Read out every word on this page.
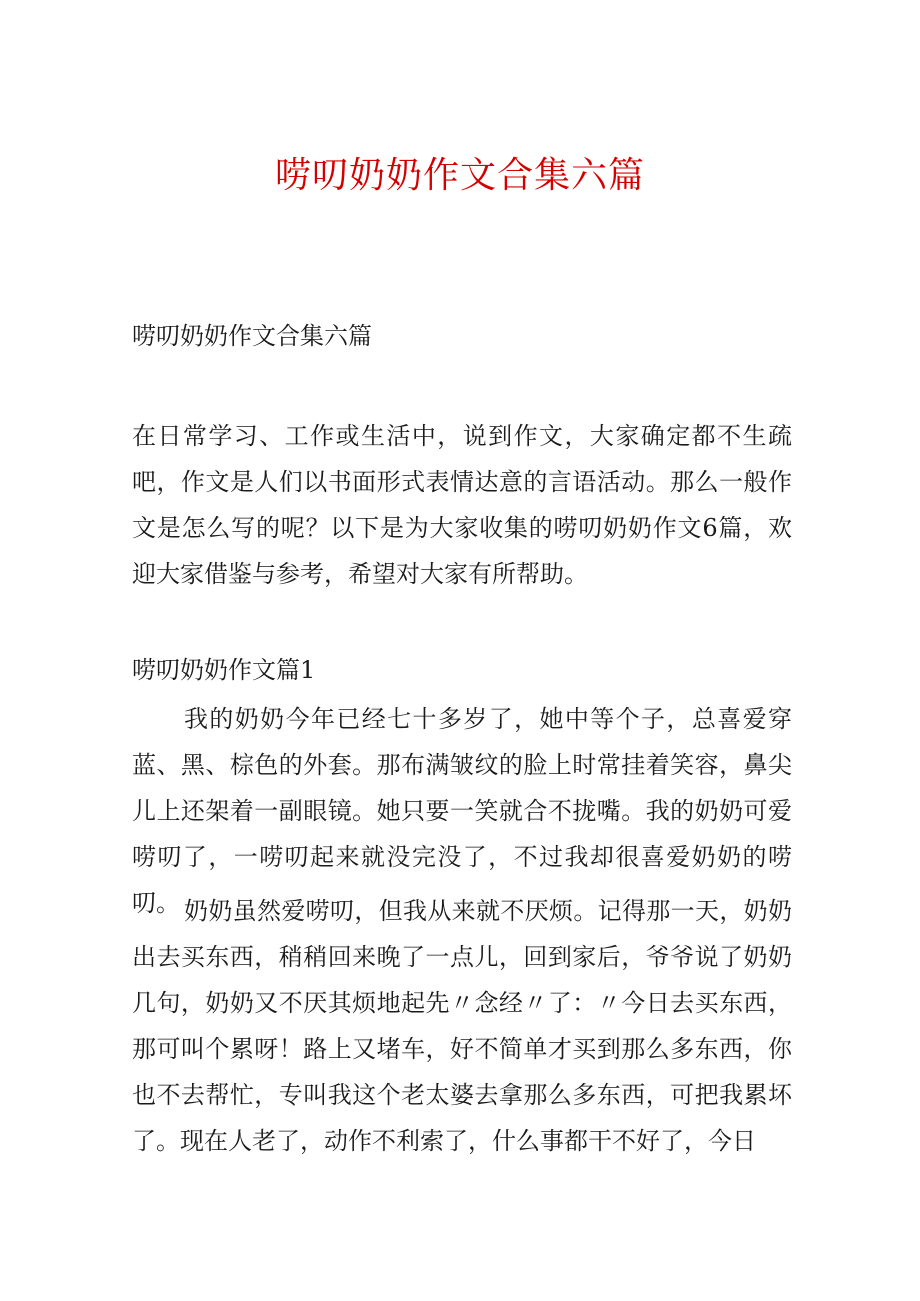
唠叨奶奶作文合集六篇

唠叨奶奶作文合集六篇

在日常学习、工作或生活中，说到作文，大家确定都不生疏吧，作文是人们以书面形式表情达意的言语活动。那么一般作文是怎么写的呢？以下是为大家收集的唠叨奶奶作文6篇，欢迎大家借鉴与参考，希望对大家有所帮助。

唠叨奶奶作文篇1

我的奶奶今年已经七十多岁了，她中等个子，总喜爱穿蓝、黑、棕色的外套。那布满皱纹的脸上时常挂着笑容，鼻尖儿上还架着一副眼镜。她只要一笑就合不拢嘴。我的奶奶可爱唠叨了，一唠叨起来就没完没了，不过我却很喜爱奶奶的唠叨。 奶奶虽然爱唠叨，但我从来就不厌烦。记得那一天，奶奶出去买东西，稍稍回来晚了一点儿，回到家后，爷爷说了奶奶几句，奶奶又不厌其烦地起先〃念经〃了：〃今日去买东西，那可叫个累呀！路上又堵车，好不简单才买到那么多东西，你也不去帮忙，专叫我这个老太婆去拿那么多东西，可把我累坏了。现在人老了，动作不利索了，什么事都干不好了，今日
